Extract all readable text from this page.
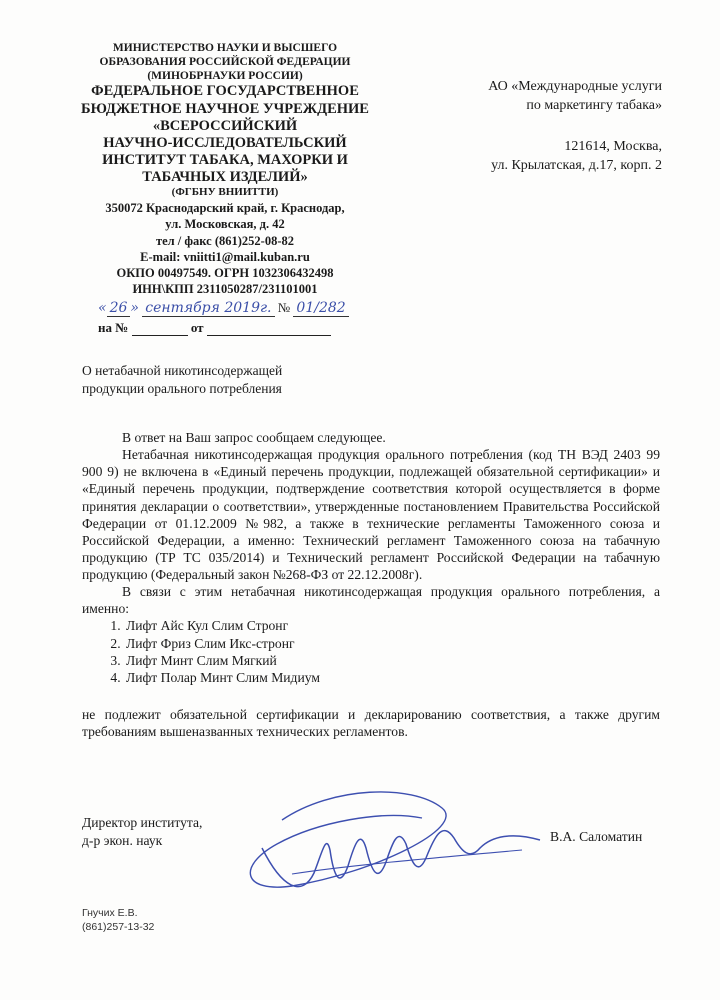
МИНИСТЕРСТВО НАУКИ И ВЫСШЕГО
ОБРАЗОВАНИЯ РОССИЙСКОЙ ФЕДЕРАЦИИ
(МИНОБРНАУКИ РОССИИ)
ФЕДЕРАЛЬНОЕ ГОСУДАРСТВЕННОЕ
БЮДЖЕТНОЕ НАУЧНОЕ УЧРЕЖДЕНИЕ
«ВСЕРОССИЙСКИЙ
НАУЧНО-ИССЛЕДОВАТЕЛЬСКИЙ
ИНСТИТУТ ТАБАКА, МАХОРКИ И
ТАБАЧНЫХ ИЗДЕЛИЙ»
(ФГБНУ ВНИИТТИ)
350072 Краснодарский край, г. Краснодар,
ул. Московская, д. 42
тел / факс (861)252-08-82
E-mail: vniitti1@mail.kuban.ru
ОКПО 00497549. ОГРН 1032306432498
ИНН\КПП 2311050287/231101001
« 26 » сентября 2019г. № 01/282
на №	от
АО «Международные услуги
по маркетингу табака»
121614, Москва,
ул. Крылатская, д.17, корп. 2
О нетабачной никотинсодержащей
продукции орального потребления

В ответ на Ваш запрос сообщаем следующее.

Нетабачная никотинсодержащая продукция орального потребления (код ТН ВЭД 2403 99 900 9) не включена в «Единый перечень продукции, подлежащей обязательной сертификации» и «Единый перечень продукции, подтверждение соответствия которой осуществляется в форме принятия декларации о соответствии», утвержденные постановлением Правительства Российской Федерации от 01.12.2009 №982, а также в технические регламенты Таможенного союза и Российской Федерации, а именно: Технический регламент Таможенного союза на табачную продукцию (ТР ТС 035/2014) и Технический регламент Российской Федерации на табачную продукцию (Федеральный закон №268-ФЗ от 22.12.2008г).

В связи с этим нетабачная никотинсодержащая продукция орального потребления, а именно:

1. Лифт Айс Кул Слим Стронг
2. Лифт Фриз Слим Икс-стронг
3. Лифт Минт Слим Мягкий
4. Лифт Полар Минт Слим Мидиум

не подлежит обязательной сертификации и декларированию соответствия, а также другим требованиям вышеназванных технических регламентов.

Директор института,
д-р экон. наук	В.А. Саломатин
Гнучих Е.В.
(861)257-13-32
